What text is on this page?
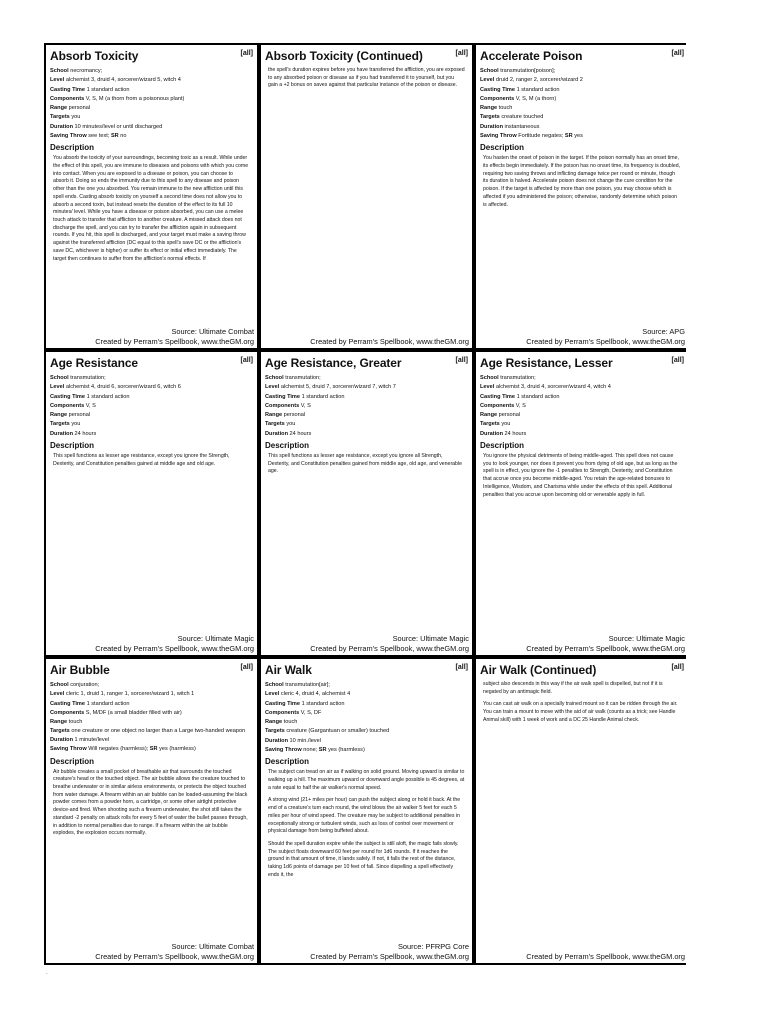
Absorb Toxicity	[all]
School necromancy;
Level alchemist 3, druid 4, sorcerer/wizard 5, witch 4
Casting Time 1 standard action
Components V, S, M (a thorn from a poisonous plant)
Range personal
Targets you
Duration 10 minutes/level or until discharged
Saving Throw see text; SR no
Description

You absorb the toxicity of your surroundings, becoming toxic as a result. While under the effect of this spell, you are immune to diseases and poisons with which you come into contact. When you are exposed to a disease or poison, you can choose to absorb it. Doing so ends the immunity due to this spell to any disease and poison other than the one you absorbed. You remain immune to the new affliction until this spell ends. Casting absorb toxicity on yourself a second time does not allow you to absorb a second toxin, but instead resets the duration of the effect to its full 10 minutes/ level. While you have a disease or poison absorbed, you can use a melee touch attack to transfer that affliction to another creature. A missed attack does not discharge the spell, and you can try to transfer the affliction again in subsequent rounds. If you hit, this spell is discharged, and your target must make a saving throw against the transferred affliction (DC equal to this spell's save DC or the affliction's save DC, whichever is higher) or suffer its effect or initial effect immediately. The target then continues to suffer from the affliction's normal effects. If

Source: Ultimate Combat
Created by Perram's Spellbook, www.theGM.org
Absorb Toxicity (Continued)	[all]

the spell's duration expires before you have transferred the affliction, you are exposed to any absorbed poison or disease as if you had transferred it to yourself, but you gain a +2 bonus on saves against that particular instance of the poison or disease.

Created by Perram's Spellbook, www.theGM.org
Accelerate Poison	[all]
School transmutation[poison];
Level druid 2, ranger 2, sorcerer/wizard 2
Casting Time 1 standard action
Components V, S, M (a thorn)
Range touch
Targets creature touched
Duration instantaneous
Saving Throw Fortitude negates; SR yes
Description

You hasten the onset of poison in the target. If the poison normally has an onset time, its effects begin immediately. If the poison has no onset time, its frequency is doubled, requiring two saving throws and inflicting damage twice per round or minute, though its duration is halved. Accelerate poison does not change the cure condition for the poison. If the target is affected by more than one poison, you may choose which is affected if you administered the poison; otherwise, randomly determine which poison is affected.

Source: APG
Created by Perram's Spellbook, www.theGM.org
Age Resistance	[all]
School transmutation;
Level alchemist 4, druid 6, sorcerer/wizard 6, witch 6
Casting Time 1 standard action
Components V, S
Range personal
Targets you
Duration 24 hours
Description

This spell functions as lesser age resistance, except you ignore the Strength, Dexterity, and Constitution penalties gained at middle age and old age.

Source: Ultimate Magic
Created by Perram's Spellbook, www.theGM.org
Age Resistance, Greater	[all]
School transmutation;
Level alchemist 5, druid 7, sorcerer/wizard 7, witch 7
Casting Time 1 standard action
Components V, S
Range personal
Targets you
Duration 24 hours
Description

This spell functions as lesser age resistance, except you ignore all Strength, Dexterity, and Constitution penalties gained from middle age, old age, and venerable age.

Source: Ultimate Magic
Created by Perram's Spellbook, www.theGM.org
Age Resistance, Lesser	[all]
School transmutation;
Level alchemist 3, druid 4, sorcerer/wizard 4, witch 4
Casting Time 1 standard action
Components V, S
Range personal
Targets you
Duration 24 hours
Description

You ignore the physical detriments of being middle-aged. This spell does not cause you to look younger, nor does it prevent you from dying of old age, but as long as the spell is in effect, you ignore the -1 penalties to Strength, Dexterity, and Constitution that accrue once you become middle-aged. You retain the age-related bonuses to Intelligence, Wisdom, and Charisma while under the effects of this spell. Additional penalties that you accrue upon becoming old or venerable apply in full.

Source: Ultimate Magic
Created by Perram's Spellbook, www.theGM.org
Air Bubble	[all]
School conjuration;
Level cleric 1, druid 1, ranger 1, sorcerer/wizard 1, witch 1
Casting Time 1 standard action
Components S, M/DF (a small bladder filled with air)
Range touch
Targets one creature or one object no larger than a Large two-handed weapon
Duration 1 minute/level
Saving Throw Will negates (harmless); SR yes (harmless)
Description

Air bubble creates a small pocket of breathable air that surrounds the touched creature's head or the touched object. The air bubble allows the creature touched to breathe underwater or in similar airless environments, or protects the object touched from water damage. A firearm within an air bubble can be loaded-assuming the black powder comes from a powder horn, a cartridge, or some other airtight protective device-and fired. When shooting such a firearm underwater, the shot still takes the standard -2 penalty on attack rolls for every 5 feet of water the bullet passes through, in addition to normal penalties due to range. If a firearm within the air bubble explodes, the explosion occurs normally.

Source: Ultimate Combat
Created by Perram's Spellbook, www.theGM.org
Air Walk	[all]
School transmutation[air];
Level cleric 4, druid 4, alchemist 4
Casting Time 1 standard action
Components V, S, DF
Range touch
Targets creature (Gargantuan or smaller) touched
Duration 10 min./level
Saving Throw none; SR yes (harmless)
Description

The subject can tread on air as if walking on solid ground. Moving upward is similar to walking up a hill. The maximum upward or downward angle possible is 45 degrees, at a rate equal to half the air walker's normal speed.

A strong wind (21+ miles per hour) can push the subject along or hold it back. At the end of a creature's turn each round, the wind blows the air walker 5 feet for each 5 miles per hour of wind speed. The creature may be subject to additional penalties in exceptionally strong or turbulent winds, such as loss of control over movement or physical damage from being buffeted about.

Should the spell duration expire while the subject is still aloft, the magic fails slowly. The subject floats downward 60 feet per round for 1d6 rounds. If it reaches the ground in that amount of time, it lands safely. If not, it falls the rest of the distance, taking 1d6 points of damage per 10 feet of fall. Since dispelling a spell effectively ends it, the

Source: PFRPG Core
Created by Perram's Spellbook, www.theGM.org
Air Walk (Continued)	[all]

subject also descends in this way if the air walk spell is dispelled, but not if it is negated by an antimagic field.

You can cast air walk on a specially trained mount so it can be ridden through the air. You can train a mount to move with the aid of air walk (counts as a trick; see Handle Animal skill) with 1 week of work and a DC 25 Handle Animal check.

Created by Perram's Spellbook, www.theGM.org
.
